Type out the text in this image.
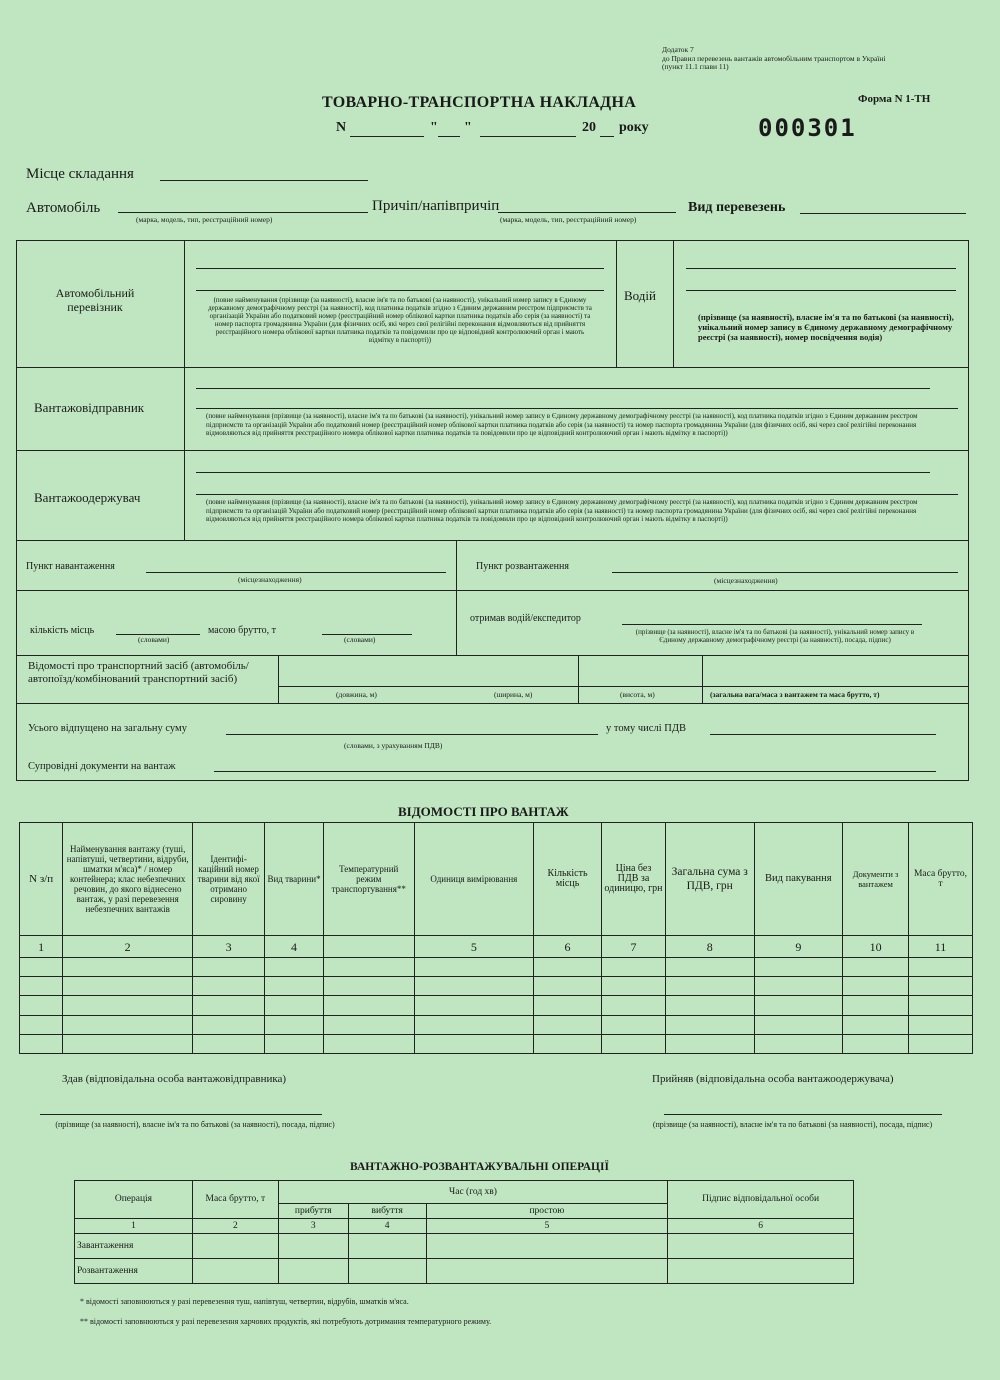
Додаток 7
до Правил перевезень вантажів автомобільним транспортом в Україні
(пункт 11.1 глави 11)
Форма N 1-ТН
ТОВАРНО-ТРАНСПОРТНА НАКЛАДНА
N	" "	20 року	000301
Місце складання
Автомобіль
(марка, модель, тип, реєстраційний номер)
Причіп/напівпричіп
(марка, модель, тип, реєстраційний номер)
Вид перевезень
Автомобільний перевізник	(повне найменування (прізвище (за наявності), власне ім'я та по батькові (за наявності), унікальний номер запису в Єдиному державному демографічному реєстрі (за наявності), код платника податків згідно з Єдиним державним реєстром підприємств та організацій України або податковий номер (реєстраційний номер облікової картки платника податків або серія (за наявності) та номер паспорта громадянина України (для фізичних осіб, які через свої релігійні переконання відмовляються від прийняття реєстраційного номера облікової картки платника податків та повідомили про це відповідний контролюючий орган і мають відмітку в паспорті))
Водій
(прізвище (за наявності), власне ім'я та по батькові (за наявності), унікальний номер запису в Єдиному державному демографічному реєстрі (за наявності), номер посвідчення водія)
Вантажовідправник
(повне найменування (прізвище (за наявності), власне ім'я та по батькові (за наявності), унікальний номер запису в Єдиному державному демографічному реєстрі (за наявності), код платника податків згідно з Єдиним державним реєстром підприємств та організацій України або податковий номер (реєстраційний номер облікової картки платника податків або серія (за наявності) та номер паспорта громадянина України (для фізичних осіб, які через свої релігійні переконання відмовляються від прийняття реєстраційного номера облікової картки платника податків та повідомили про це відповідний контролюючий орган і мають відмітку в паспорті))
Вантажоодержувач	(повне найменування (прізвище (за наявності), власне ім'я та по батькові (за наявності), унікальний номер запису в Єдиному державному демографічному реєстрі (за наявності), код платника податків згідно з Єдиним державним реєстром підприємств та організацій України або податковий номер (реєстраційний номер облікової картки платника податків або серія (за наявності) та номер паспорта громадянина України (для фізичних осіб, які через свої релігійні переконання відмовляються від прийняття реєстраційного номера облікової картки платника податків та повідомили про це відповідний контролюючий орган і мають відмітку в паспорті))
Пункт навантаження
(місцезнаходження)
Пункт розвантаження
(місцезнаходження)
кількість місць
(словами)
масою брутто, т
(словами)
отримав водій/експедитор
(прізвище (за наявності), власне ім'я та по батькові (за наявності), унікальний номер запису в Єдиному державному демографічному реєстрі (за наявності), посада, підпис)
Відомості про транспортний засіб (автомобіль/автопоїзд/комбінований транспортний засіб)
(довжина, м)	(ширина, м)	(висота, м)	(загальна вага/маса з вантажем та маса брутто, т)
Усього відпущено на загальну суму
(словами, з урахуванням ПДВ)
у тому числі ПДВ
Супровідні документи на вантаж
ВІДОМОСТІ ПРО ВАНТАЖ
N з/п	Найменування вантажу (туші, напівтуші, четвертини, відруби, шматки м'яса)* / номер контейнера; клас небезпечних речовин, до якого віднесено вантаж, у разі перевезення небезпечних вантажів	Ідентифі-каційний номер тварини від якої отримано сировину	Вид тварини*	Температурний режим транспортування**	Одиниця вимірювання	Кількість місць	Ціна без ПДВ за одиницю, грн	Загальна сума з ПДВ, грн	Вид пакування	Документи з вантажем	Маса брутто, т
1	2	3	4		5	6	7	8	9	10	11

Здав (відповідальна особа вантажовідправника)
(прізвище (за наявності), власне ім'я та по батькові (за наявності), посада, підпис)
Прийняв (відповідальна особа вантажоодержувача)
(прізвище (за наявності), власне ім'я та по батькові (за наявності), посада, підпис)
ВАНТАЖНО-РОЗВАНТАЖУВАЛЬНІ ОПЕРАЦІЇ
Операція	Маса брутто, т	Час (год хв)			Підпис відповідальної особи
		прибуття	вибуття	простою	
1	2	3	4	5	6
Завантаження					
Розвантаження					
* відомості заповнюються у разі перевезення туш, напівтуш, четвертин, відрубів, шматків м'яса.
** відомості заповнюються у разі перевезення харчових продуктів, які потребують дотримання температурного режиму.
